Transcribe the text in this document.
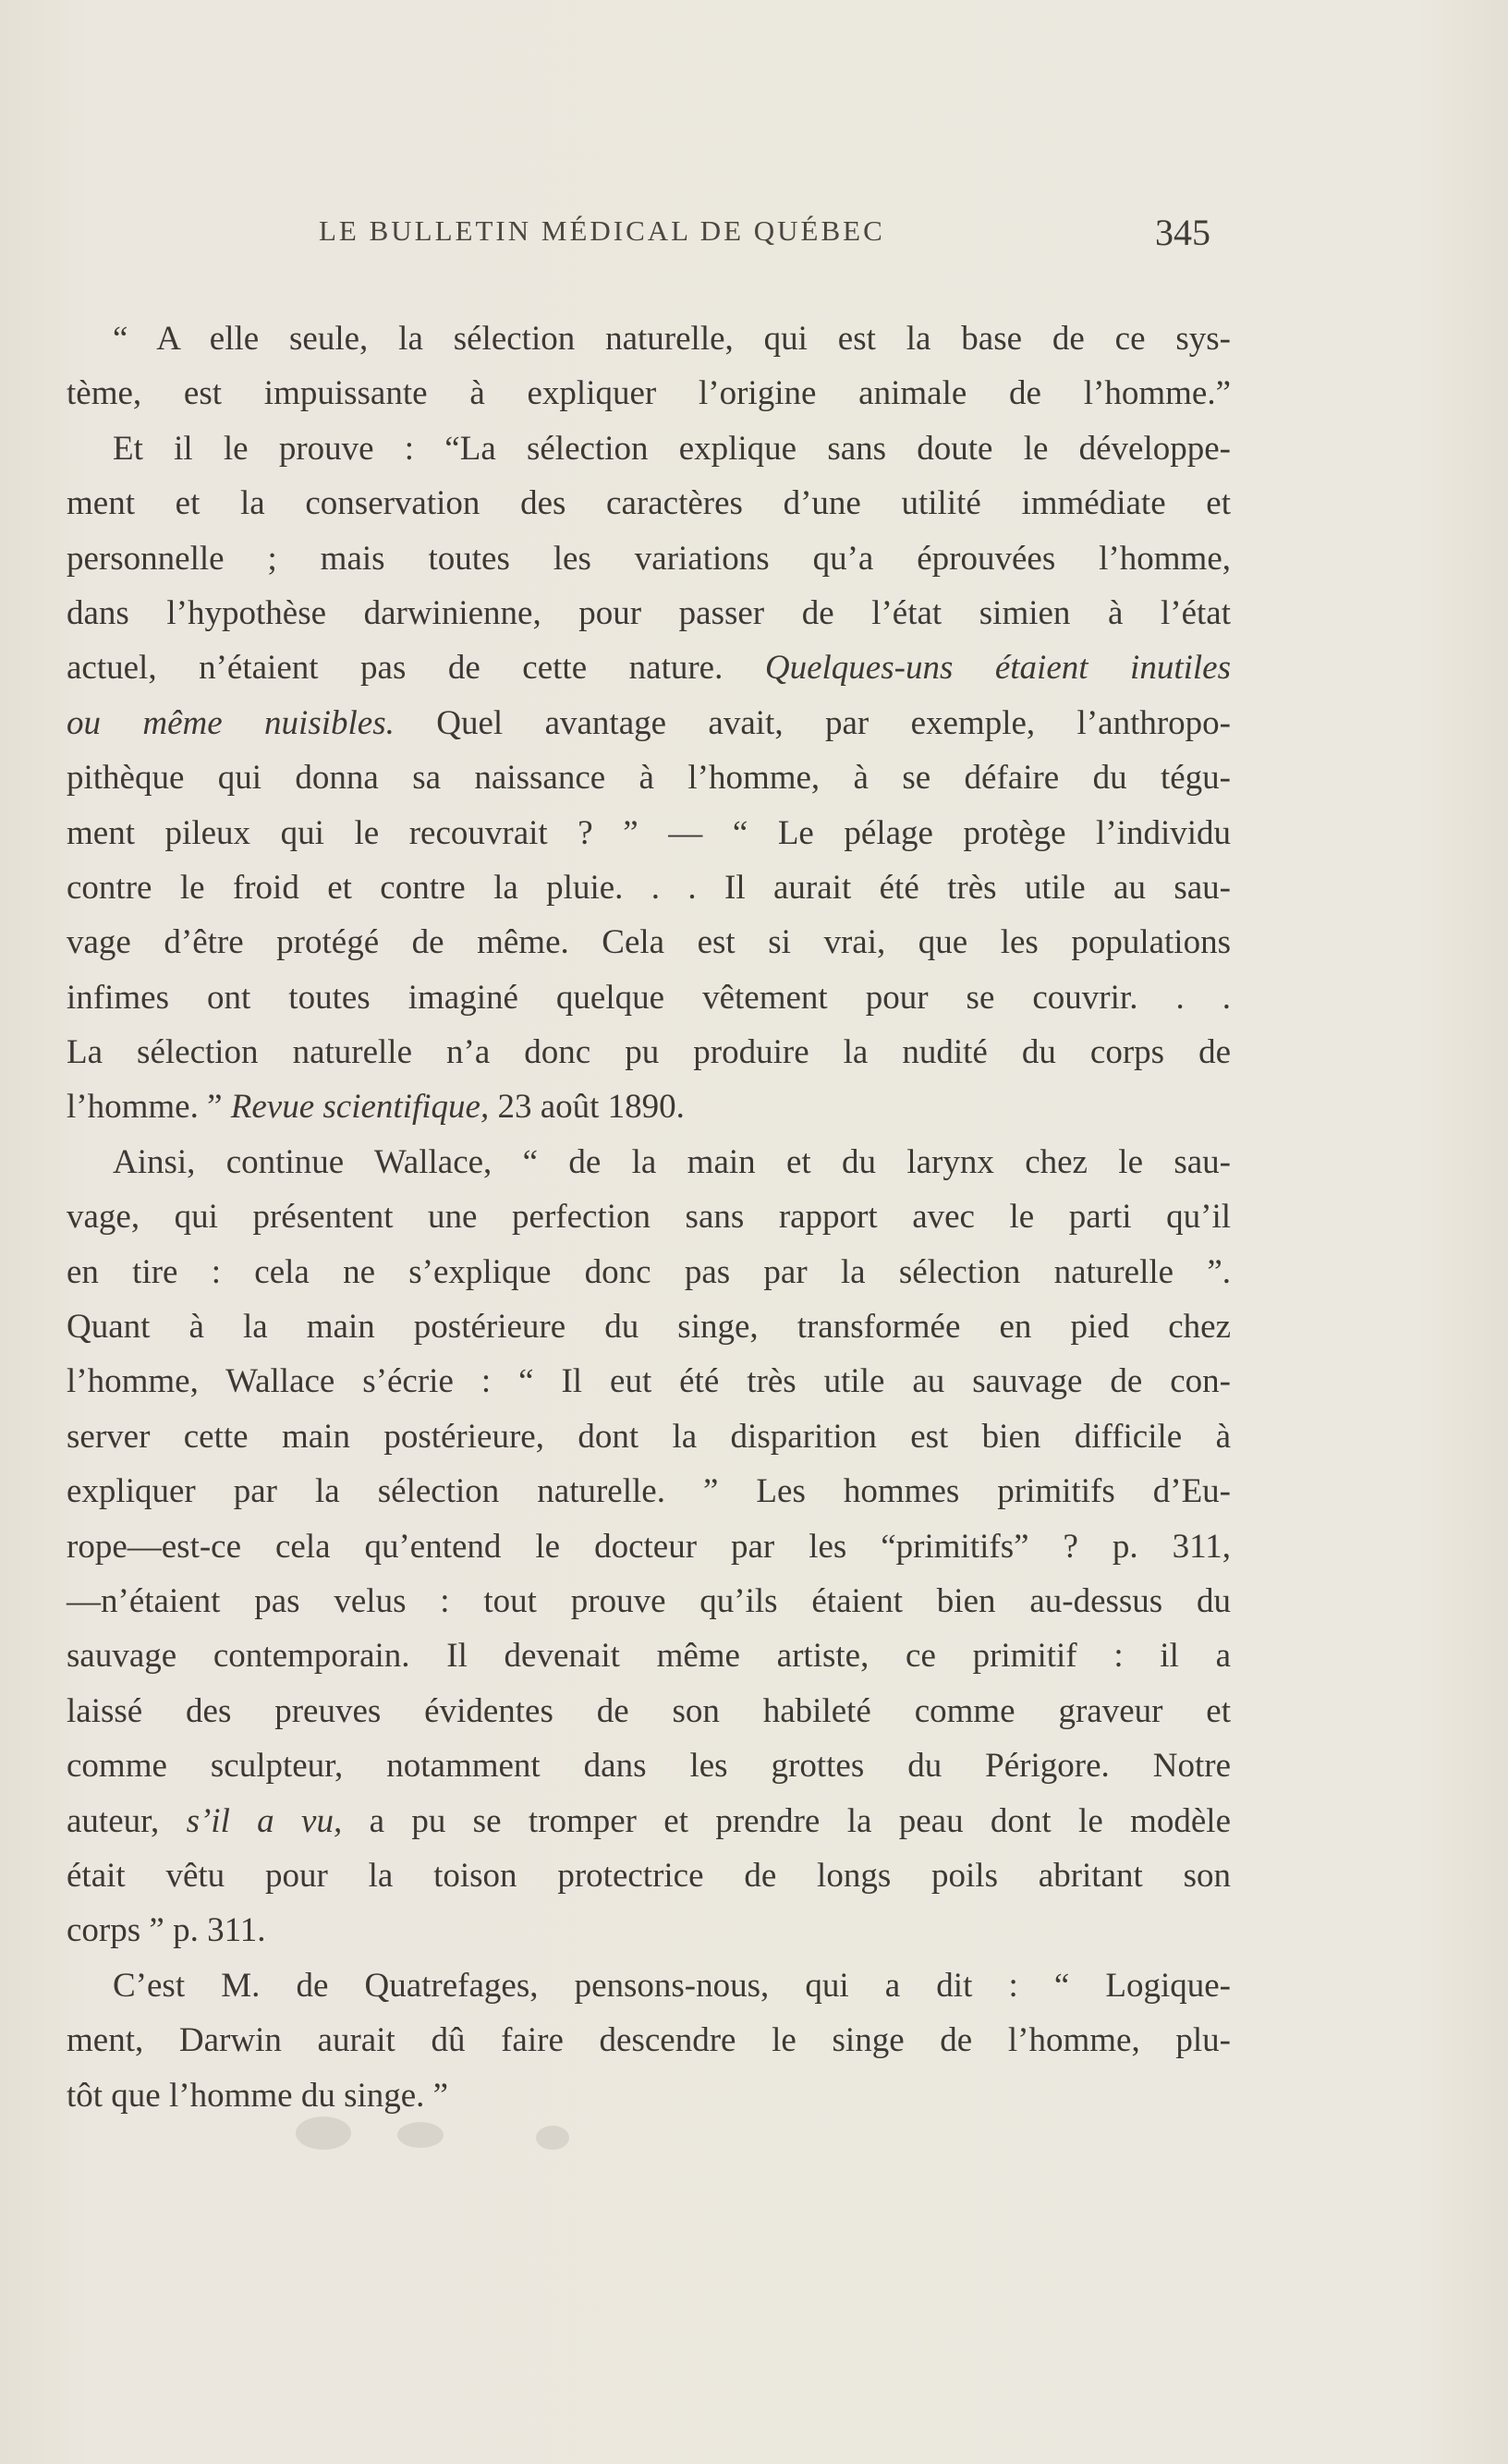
LE BULLETIN MÉDICAL DE QUÉBEC	345
“ A elle seule, la sélection naturelle, qui est la base de ce sys-
tème, est impuissante à expliquer l’origine animale de l’homme.”
Et il le prouve : “La sélection explique sans doute le développe-
ment et la conservation des caractères d’une utilité immédiate et
personnelle ; mais toutes les variations qu’a éprouvées l’homme,
dans l’hypothèse darwinienne, pour passer de l’état simien à l’état
actuel, n’étaient pas de cette nature. Quelques-uns étaient inutiles
ou même nuisibles. Quel avantage avait, par exemple, l’anthropo-
pithèque qui donna sa naissance à l’homme, à se défaire du tégu-
ment pileux qui le recouvrait ? ” — “ Le pélage protège l’individu
contre le froid et contre la pluie. . . Il aurait été très utile au sau-
vage d’être protégé de même. Cela est si vrai, que les populations
infimes ont toutes imaginé quelque vêtement pour se couvrir. . .
La sélection naturelle n’a donc pu produire la nudité du corps de
l’homme. ” Revue scientifique, 23 août 1890.
Ainsi, continue Wallace, “ de la main et du larynx chez le sau-
vage, qui présentent une perfection sans rapport avec le parti qu’il
en tire : cela ne s’explique donc pas par la sélection naturelle ”.
Quant à la main postérieure du singe, transformée en pied chez
l’homme, Wallace s’écrie : “ Il eut été très utile au sauvage de con-
server cette main postérieure, dont la disparition est bien difficile à
expliquer par la sélection naturelle. ” Les hommes primitifs d’Eu-
rope—est-ce cela qu’entend le docteur par les “primitifs” ? p. 311,
—n’étaient pas velus : tout prouve qu’ils étaient bien au-dessus du
sauvage contemporain. Il devenait même artiste, ce primitif : il a
laissé des preuves évidentes de son habileté comme graveur et
comme sculpteur, notamment dans les grottes du Périgore. Notre
auteur, s’il a vu, a pu se tromper et prendre la peau dont le modèle
était vêtu pour la toison protectrice de longs poils abritant son
corps ” p. 311.
C’est M. de Quatrefages, pensons-nous, qui a dit : “ Logique-
ment, Darwin aurait dû faire descendre le singe de l’homme, plu-
tôt que l’homme du singe. ”
